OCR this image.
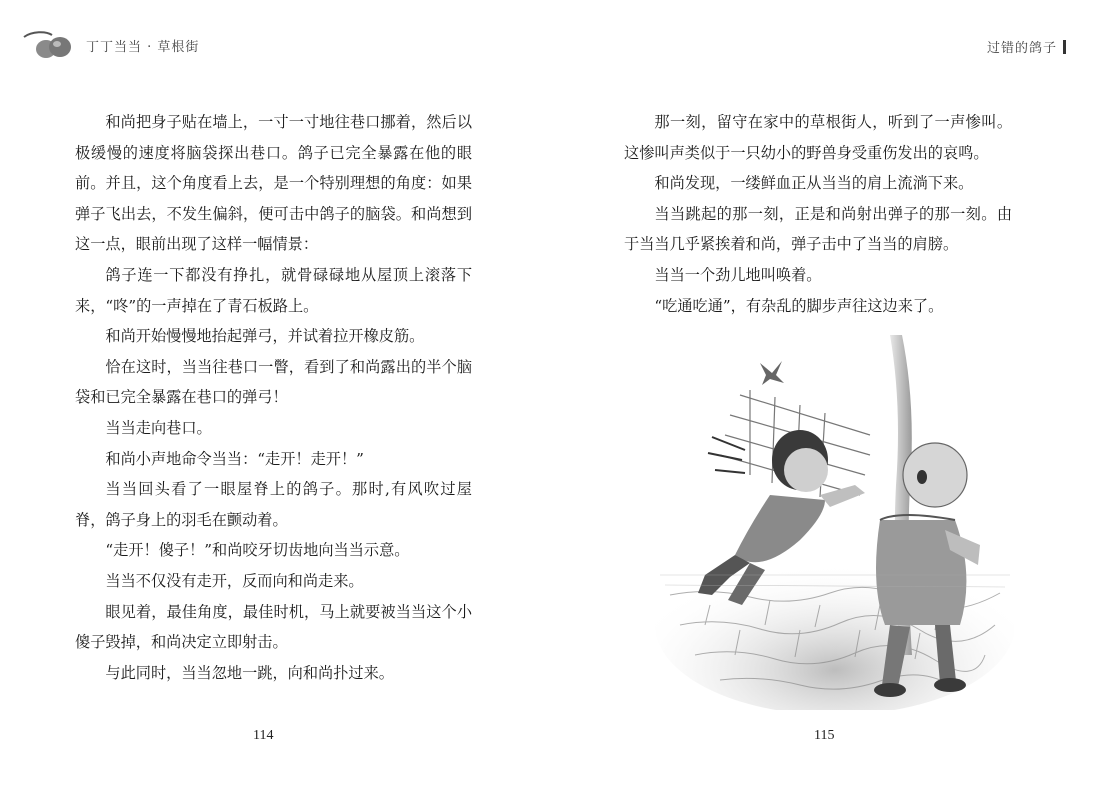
丁丁当当 · 草根街	过错的鸽子

和尚把身子贴在墙上，一寸一寸地往巷口挪着，然后以极缓慢的速度将脑袋探出巷口。鸽子已完全暴露在他的眼前。并且，这个角度看上去，是一个特别理想的角度：如果弹子飞出去，不发生偏斜，便可击中鸽子的脑袋。和尚想到这一点，眼前出现了这样一幅情景：

鸽子连一下都没有挣扎，就骨碌碌地从屋顶上滚落下来，“咚”的一声掉在了青石板路上。

和尚开始慢慢地抬起弹弓，并试着拉开橡皮筋。

恰在这时，当当往巷口一瞥，看到了和尚露出的半个脑袋和已完全暴露在巷口的弹弓！

当当走向巷口。

和尚小声地命令当当：“走开！走开！”

当当回头看了一眼屋脊上的鸽子。那时,有风吹过屋脊，鸽子身上的羽毛在颤动着。

“走开！傻子！”和尚咬牙切齿地向当当示意。

当当不仅没有走开，反而向和尚走来。

眼见着，最佳角度，最佳时机，马上就要被当当这个小傻子毁掉，和尚决定立即射击。

与此同时，当当忽地一跳，向和尚扑过来。

那一刻，留守在家中的草根街人，听到了一声惨叫。这惨叫声类似于一只幼小的野兽身受重伤发出的哀鸣。

和尚发现，一缕鲜血正从当当的肩上流淌下来。

当当跳起的那一刻，正是和尚射出弹子的那一刻。由于当当几乎紧挨着和尚，弹子击中了当当的肩膀。

当当一个劲儿地叫唤着。

“吃通吃通”，有杂乱的脚步声往这边来了。

114	115
